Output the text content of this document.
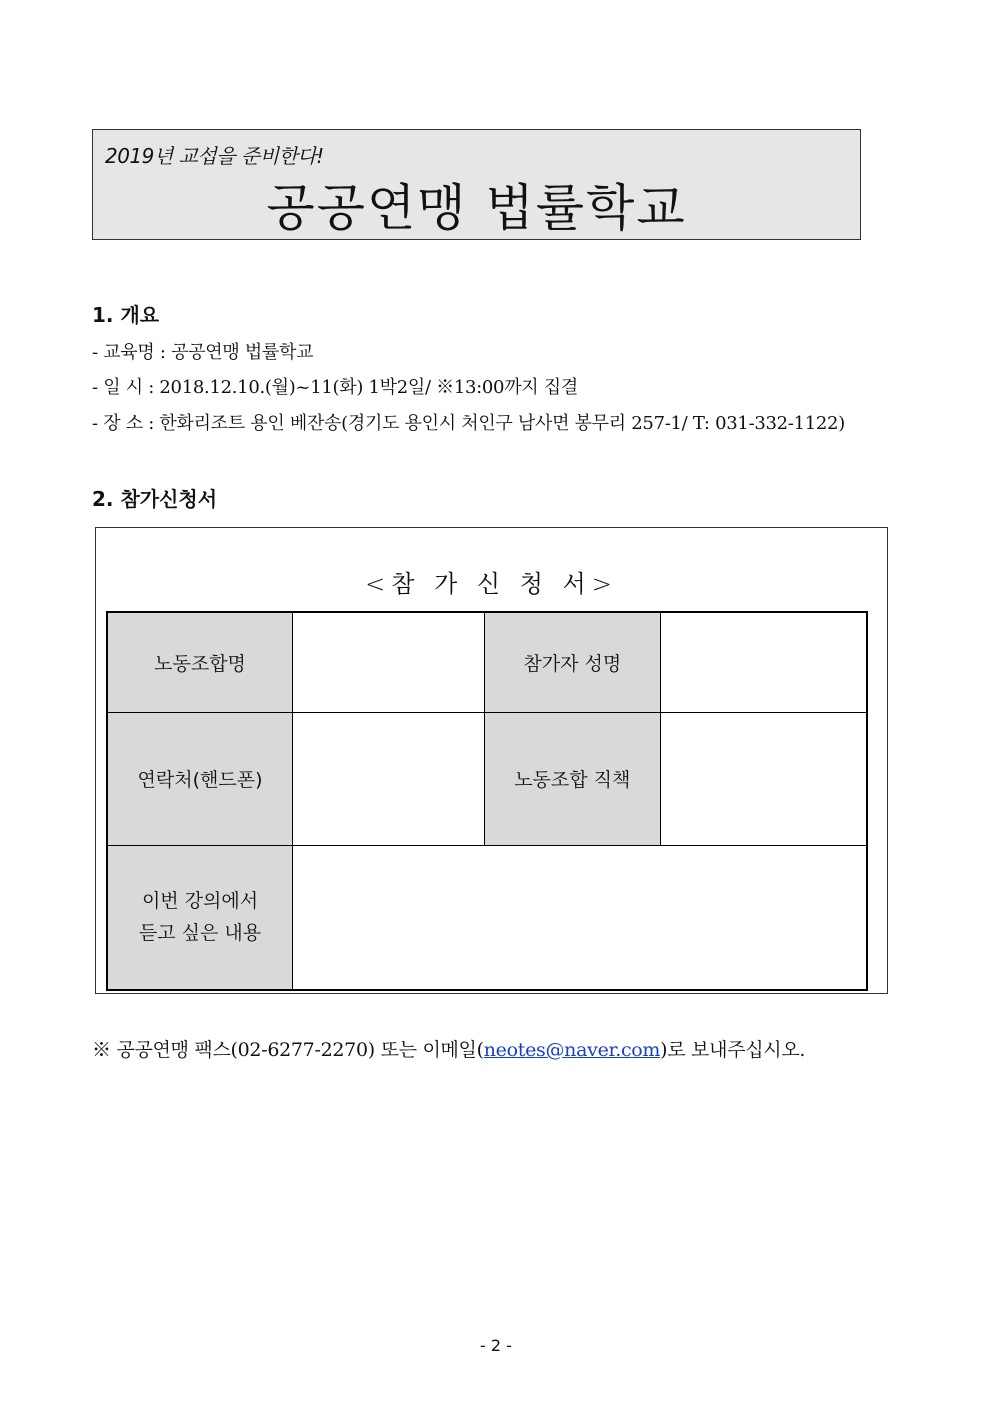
2019년 교섭을 준비한다!
공공연맹 법률학교
1. 개요
- 교육명 : 공공연맹 법률학교
- 일 시 : 2018.12.10.(월)~11(화) 1박2일/ ※13:00까지 집결
- 장 소 : 한화리조트 용인 베잔송(경기도 용인시 처인구 남사면 봉무리 257-1/ T: 031-332-1122)
2. 참가신청서
<참 가 신 청 서>
노동조합명		참가자 성명	
연락처(핸드폰)		노동조합 직책	

이번 강의에서
듣고 싶은 내용			

※ 공공연맹 팩스(02-6277-2270) 또는 이메일(neotes@naver.com)로 보내주십시오.
- 2 -
